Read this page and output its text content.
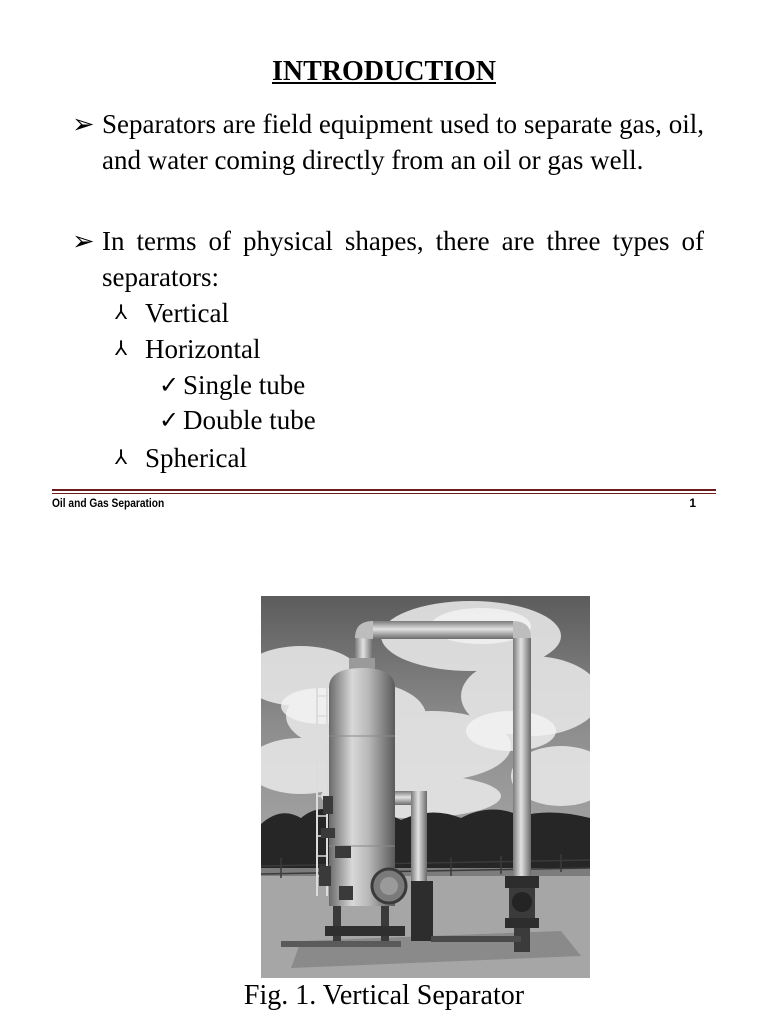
INTRODUCTION
➢ Separators are field equipment used to separate gas, oil, and water coming directly from an oil or gas well.
➢ In terms of physical shapes, there are three types of separators:
⅄ Vertical
⅄ Horizontal
✓ Single tube
✓ Double tube
⅄ Spherical
Oil and Gas Separation	1
Fig. 1. Vertical Separator
